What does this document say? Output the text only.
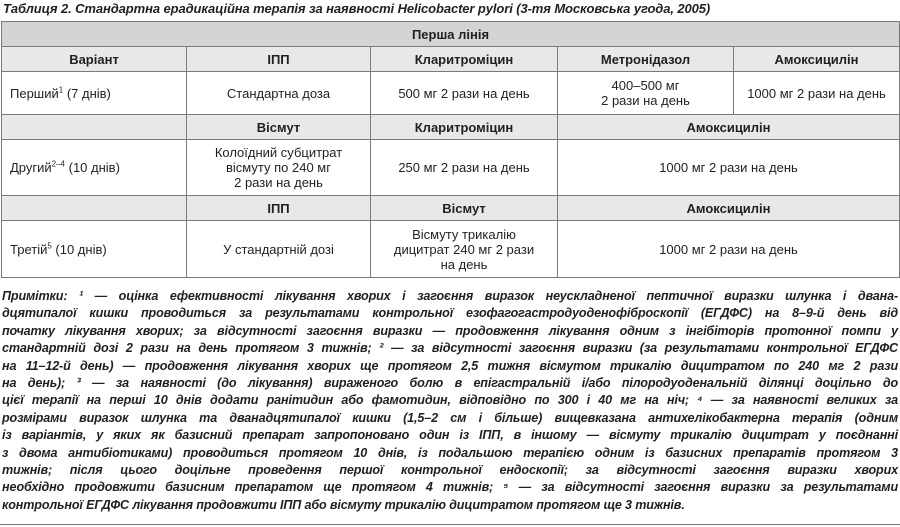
Таблиця 2. Стандартна ерадикаційна терапія за наявності Helicobacter pylori (3-тя Московська угода, 2005)
Перша лінія				
Варіант	ІПП	Кларитроміцин	Метронідазол	Амоксицилін
Перший$^1$ (7 днів)	Стандартна доза	500 мг 2 рази на день	400–500 мг
2 рази на день	1000 мг 2 рази на день
	Вісмут	Кларитроміцин	Амоксицилін	
Другий$^{2-4}$ (10 днів)	Колоїдний субцитрат
вісмуту по 240 мг
2 рази на день	250 мг 2 рази на день	1000 мг 2 рази на день	
	ІПП	Вісмут	Амоксицилін	
Третій$^5$ (10 днів)	У стандартній дозі	Вісмуту трикалію
дицитрат 240 мг 2 рази
на день	1000 мг 2 рази на день	
Примітки: ¹ — оцінка ефективності лікування хворих і загоєння виразок неускладненої пептичної виразки шлунка і двана-
дцятипалої кишки проводиться за результатами контрольної езофагогастродуоденофіброскопії (ЕГДФС) на 8–9-й день від
початку лікування хворих; за відсутності загоєння виразки — продовження лікування одним з інгібіторів протонної помпи у
стандартній дозі 2 рази на день протягом 3 тижнів; ² — за відсутності загоєння виразки (за результатами контрольної ЕГДФС
на 11–12-й день) — продовження лікування хворих ще протягом 2,5 тижня вісмутом трикалію дицитратом по 240 мг 2 рази
на день); ³ — за наявності (до лікування) вираженого болю в епігастральній і/або пілородуоденальній ділянці доцільно до
цієї терапії на перші 10 днів додати ранітидин або фамотидин, відповідно по 300 і 40 мг на ніч; ⁴ — за наявності великих за
розмірами виразок шлунка та дванадцятипалої кишки (1,5–2 см і більше) вищевказана антихелікобактерна терапія (одним
із варіантів, у яких як базисний препарат запропоновано один із ІПП, в іншому — вісмуту трикалію дицитрат у поєднанні
з двома антибіотиками) проводиться протягом 10 днів, із подальшою терапією одним із базисних препаратів протягом 3
тижнів; після цього доцільне проведення першої контрольної ендоскопії; за відсутності загоєння виразки хворих
необхідно продовжити базисним препаратом ще протягом 4 тижнів; ⁵ — за відсутності загоєння виразки за результатами
контрольної ЕГДФС лікування продовжити ІПП або вісмуту трикалію дицитратом протягом ще 3 тижнів.
